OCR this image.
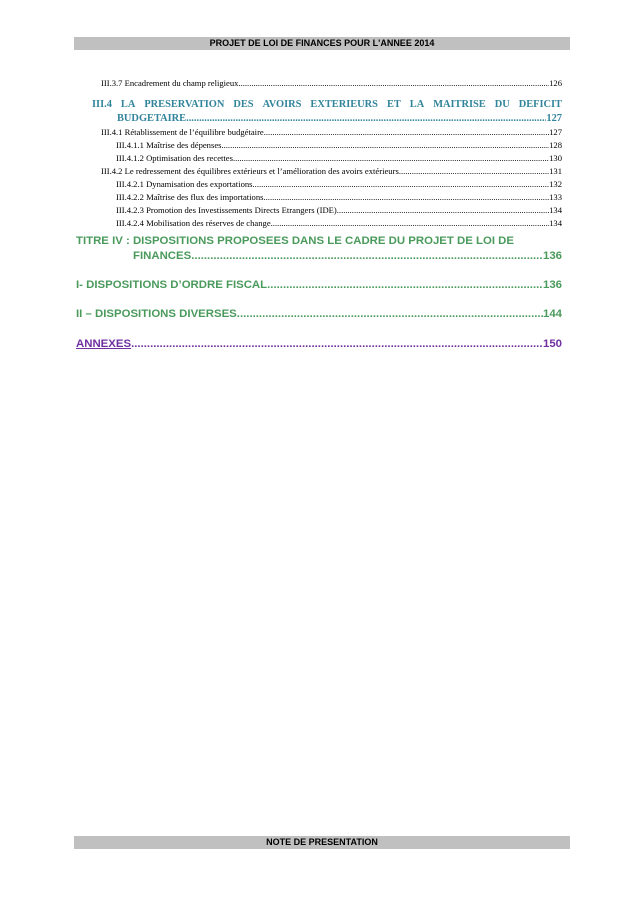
PROJET DE LOI DE FINANCES POUR L'ANNEE 2014
III.3.7 Encadrement du champ religieux .....	126
III.4 LA PRESERVATION DES AVOIRS EXTERIEURS ET LA MAITRISE DU DEFICIT
BUDGETAIRE .....	127
III.4.1 Rétablissement de l’équilibre budgétaire .....	127
III.4.1.1 Maîtrise des dépenses .....	128
III.4.1.2 Optimisation des recettes .....	130
III.4.2 Le redressement des équilibres extérieurs et l’amélioration des avoirs extérieurs .....	131
III.4.2.1 Dynamisation des exportations .....	132
III.4.2.2 Maîtrise des flux des importations .....	133
III.4.2.3 Promotion des Investissements Directs Etrangers (IDE) .....	134
III.4.2.4 Mobilisation des réserves de change .....	134
TITRE IV : DISPOSITIONS PROPOSEES DANS LE CADRE DU PROJET DE LOI DE
FINANCES .....	136
I- DISPOSITIONS D’ORDRE FISCAL .....	136
II – DISPOSITIONS DIVERSES .....	144
ANNEXES .....	150
NOTE DE PRESENTATION
